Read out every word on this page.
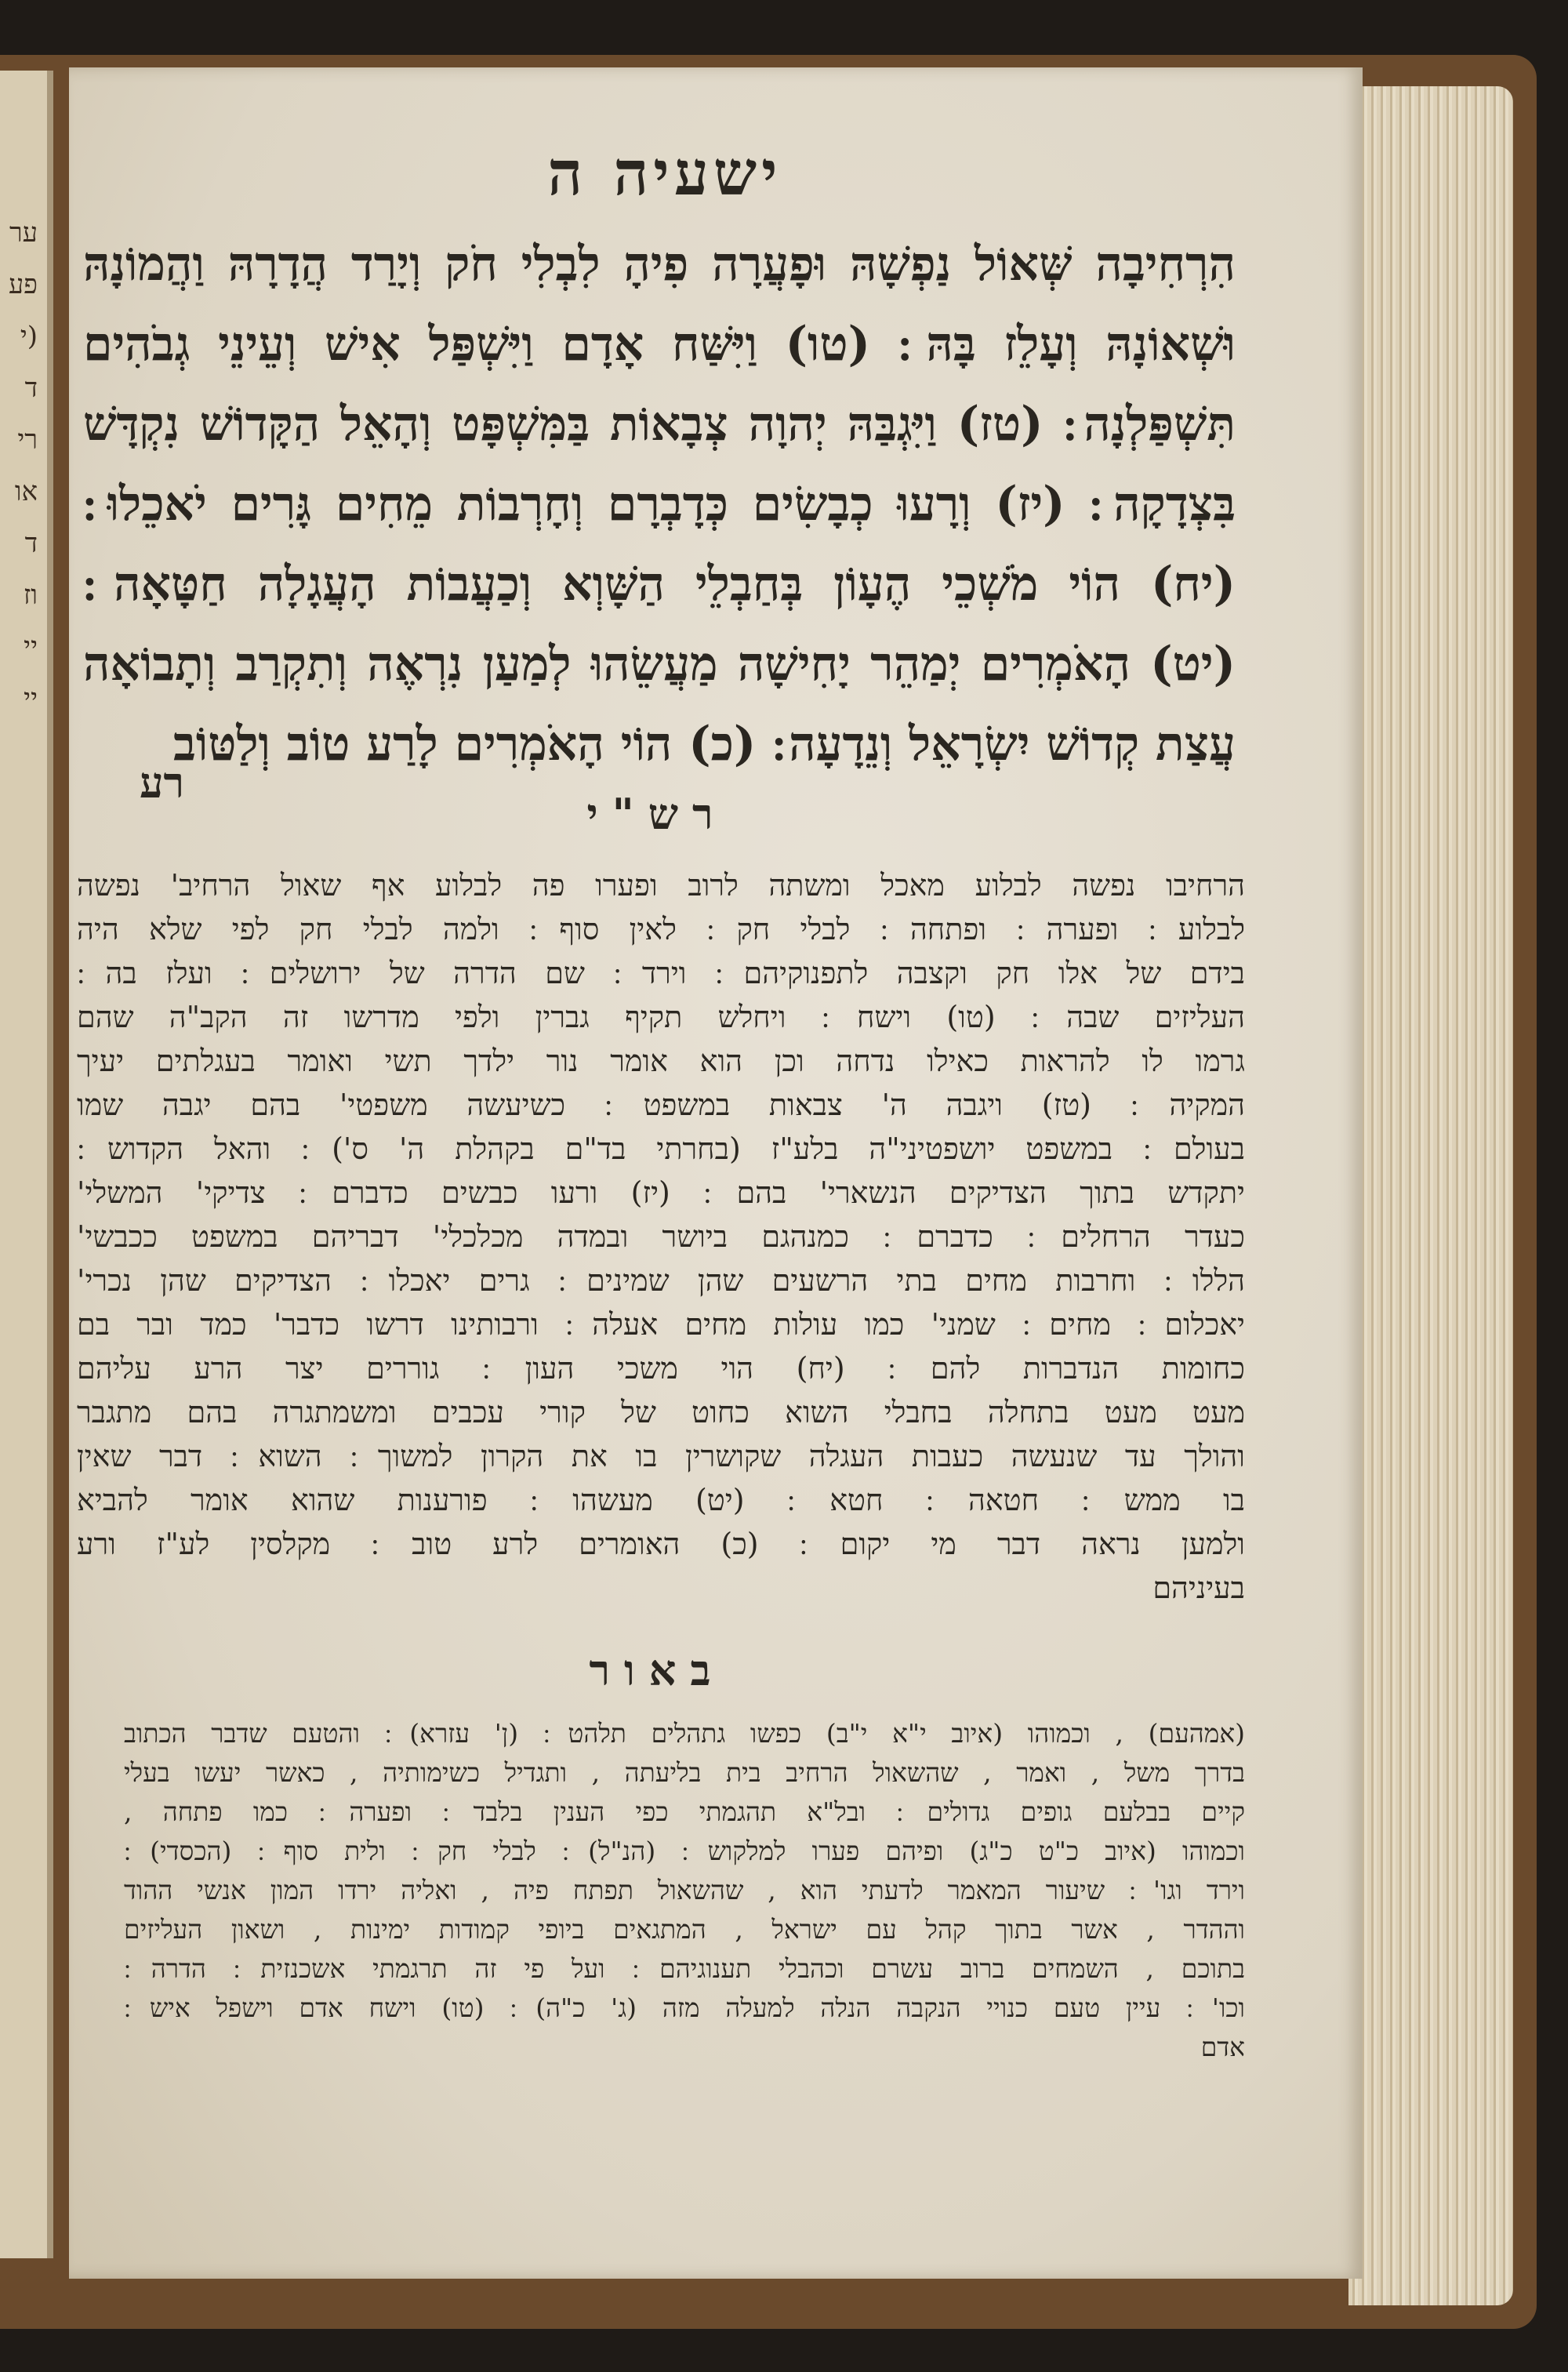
ער
פע
(י
ד
רי
או
ד
וז
יי
יי
ישעיה ה
הִרְחִיבָה שְּׁאוֹל נַפְשָׁהּ וּפָעֲרָה פִיהָ לִבְלִי חֹק וְיָרַד הֲדָרָהּ וַהֲמוֹנָהּ
וּשְׁאוֹנָהּ וְעָלֵז בָּהּ ׃ (טו) וַיִּשַּׁח אָדָם וַיִּשְׁפַּל אִישׁ וְעֵינֵי גְבֹהִים
תִּשְׁפַּלְנָה ׃ (טז) וַיִּגְבַּהּ יְהוָה צְבָאוֹת בַּמִּשְׁפָּט וְהָאֵל הַקָּדוֹשׁ נִקְדָּשׁ
בִּצְדָקָה ׃ (יז) וְרָעוּ כְבָשִׂים כְּדָבְרָם וְחָרְבוֹת מֵחִים גָּרִים יֹאכֵלוּ ׃
(יח) הוֹי מֹשְׁכֵי הֶעָוֹן בְּחַבְלֵי הַשָּׁוְא וְכַעֲבוֹת הָעֲגָלָה חַטָּאָה ׃
(יט) הָאֹמְרִים יְמַהֵר יָחִישָׁה מַעֲשֵׂהוּ לְמַעַן נִרְאֶה וְתִקְרַב וְתָבוֹאָה
עֲצַת קְדוֹשׁ יִשְׂרָאֵל וְנֵדָעָה ׃ (כ) הוֹי הָאֹמְרִים לָרַע טוֹב וְלַטּוֹב
רע
רש"י
הרחיבו נפשה לבלוע מאכל ומשתה לרוב ופערו פה לבלוע אף שאול הרחיב' נפשה
לבלוע ׃ ופערה ׃ ופתחה ׃ לבלי חק ׃ לאין סוף ׃ ולמה לבלי חק לפי שלא היה
בידם של אלו חק וקצבה לתפנוקיהם ׃ וירד ׃ שם הדרה של ירושלים ׃ ועלז בה ׃
העליזים שבה ׃ (טו) וישח ׃ ויחלש תקיף גברין ולפי מדרשו זה הקב"ה שהם
גרמו לו להראות כאילו נדחה וכן הוא אומר נור ילדך תשי ואומר בעגלתים יעיך
המקיה ׃ (טז) ויגבה ה' צבאות במשפט ׃ כשיעשה משפטי' בהם יגבה שמו
בעולם ׃ במשפט יושפטיני"ה בלע"ז (בחרתי בד"ם בקהלת ה' ס') ׃ והאל הקדוש ׃
יתקדש בתוך הצדיקים הנשארי' בהם ׃ (יז) ורעו כבשים כדברם ׃ צדיקי' המשלי'
כעדר הרחלים ׃ כדברם ׃ כמנהגם ביושר ובמדה מכלכלי' דבריהם במשפט ככבשי'
הללו ׃ וחרבות מחים בתי הרשעים שהן שמינים ׃ גרים יאכלו ׃ הצדיקים שהן נכרי'
יאכלום ׃ מחים ׃ שמני' כמו עולות מחים אעלה ׃ ורבותינו דרשו כדבר' כמד ובר בם
כחומות הנדברות להם ׃ (יח) הוי משכי העון ׃ גוררים יצר הרע עליהם
מעט מעט בתחלה בחבלי השוא כחוט של קורי עכבים ומשמתגרה בהם מתגבר
והולך עד שנעשה כעבות העגלה שקושרין בו את הקרון למשוך ׃ השוא ׃ דבר שאין
בו ממש ׃ חטאה ׃ חטא ׃ (יט) מעשהו ׃ פורענות שהוא אומר להביא
ולמען נראה דבר מי יקום ׃ (כ) האומרים לרע טוב ׃ מקלסין לע"ז ורע
בעיניהם
באור
(אמהעם) , וכמוהו (איוב י"א י"ב) כפשו גתהלים תלהט ׃ (ן' עזרא) ׃ והטעם שדבר הכתוב
בדרך משל , ואמר , שהשאול הרחיב בית בליעתה , ותגדיל כשימותיה , כאשר יעשו בעלי
קיים בבלעם גופים גדולים ׃ ובל"א תהגמתי כפי הענין בלבד ׃ ופערה ׃ כמו פתחה ,
וכמוהו (איוב כ"ט כ"ג) ופיהם פערו למלקוש ׃ (הנ"ל) ׃ לבלי חק ׃ ולית סוף ׃ (הכסדי) ׃
וירד וגו' ׃ שיעור המאמר לדעתי הוא , שהשאול תפתח פיה , ואליה ירדו המון אנשי ההוד
וההדר , אשר בתוך קהל עם ישראל , המתגאים ביופי קמודות ימינות , ושאון העליזים
בתוכם , השמחים ברוב עשרם וכהבלי תענוגיהם ׃ ועל פי זה תרגמתי אשכנזית ׃ הדרה ׃
וכו' ׃ עיין טעם כנויי הנקבה הנלה למעלה מזה (ג' כ"ה) ׃ (טו) וישח אדם וישפל איש ׃
אדם
